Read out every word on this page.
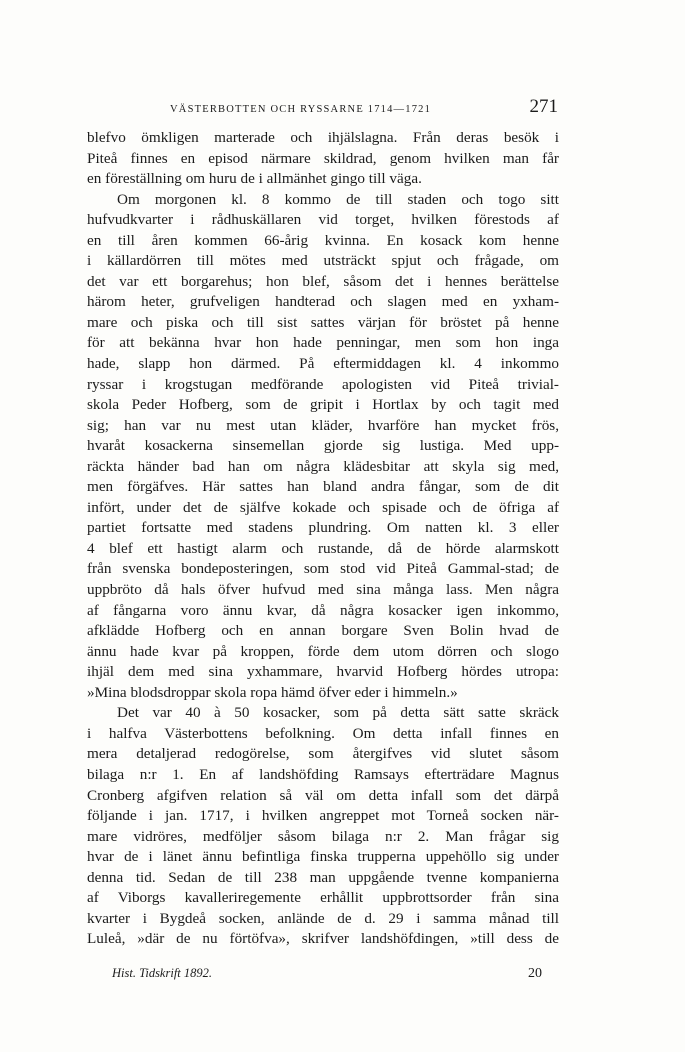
VÄSTERBOTTEN OCH RYSSARNE 1714—1721	271
blefvo ömkligen marterade och ihjälslagna. Från deras besök i
Piteå finnes en episod närmare skildrad, genom hvilken man får
en föreställning om huru de i allmänhet gingo till väga.
Om morgonen kl. 8 kommo de till staden och togo sitt
hufvudkvarter i rådhuskällaren vid torget, hvilken förestods af
en till åren kommen 66-årig kvinna. En kosack kom henne
i källardörren till mötes med utsträckt spjut och frågade, om
det var ett borgarehus; hon blef, såsom det i hennes berättelse
härom heter, grufveligen handterad och slagen med en yxham-
mare och piska och till sist sattes värjan för bröstet på henne
för att bekänna hvar hon hade penningar, men som hon inga
hade, slapp hon därmed. På eftermiddagen kl. 4 inkommo
ryssar i krogstugan medförande apologisten vid Piteå trivial-
skola Peder Hofberg, som de gripit i Hortlax by och tagit med
sig; han var nu mest utan kläder, hvarföre han mycket frös,
hvaråt kosackerna sinsemellan gjorde sig lustiga. Med upp-
räckta händer bad han om några klädesbitar att skyla sig med,
men förgäfves. Här sattes han bland andra fångar, som de dit
infört, under det de själfve kokade och spisade och de öfriga af
partiet fortsatte med stadens plundring. Om natten kl. 3 eller
4 blef ett hastigt alarm och rustande, då de hörde alarmskott
från svenska bondeposteringen, som stod vid Piteå Gammal-stad; de
uppbröto då hals öfver hufvud med sina många lass. Men några
af fångarna voro ännu kvar, då några kosacker igen inkommo,
afklädde Hofberg och en annan borgare Sven Bolin hvad de
ännu hade kvar på kroppen, förde dem utom dörren och slogo
ihjäl dem med sina yxhammare, hvarvid Hofberg hördes utropa:
»Mina blodsdroppar skola ropa hämd öfver eder i himmeln.»
Det var 40 à 50 kosacker, som på detta sätt satte skräck
i halfva Västerbottens befolkning. Om detta infall finnes en
mera detaljerad redogörelse, som återgifves vid slutet såsom
bilaga n:r 1. En af landshöfding Ramsays efterträdare Magnus
Cronberg afgifven relation så väl om detta infall som det därpå
följande i jan. 1717, i hvilken angreppet mot Torneå socken när-
mare vidröres, medföljer såsom bilaga n:r 2. Man frågar sig
hvar de i länet ännu befintliga finska trupperna uppehöllo sig under
denna tid. Sedan de till 238 man uppgående tvenne kompanierna
af Viborgs kavalleriregemente erhållit uppbrottsorder från sina
kvarter i Bygdeå socken, anlände de d. 29 i samma månad till
Luleå, »där de nu förtöfva», skrifver landshöfdingen, »till dess de
Hist. Tidskrift 1892.	20
